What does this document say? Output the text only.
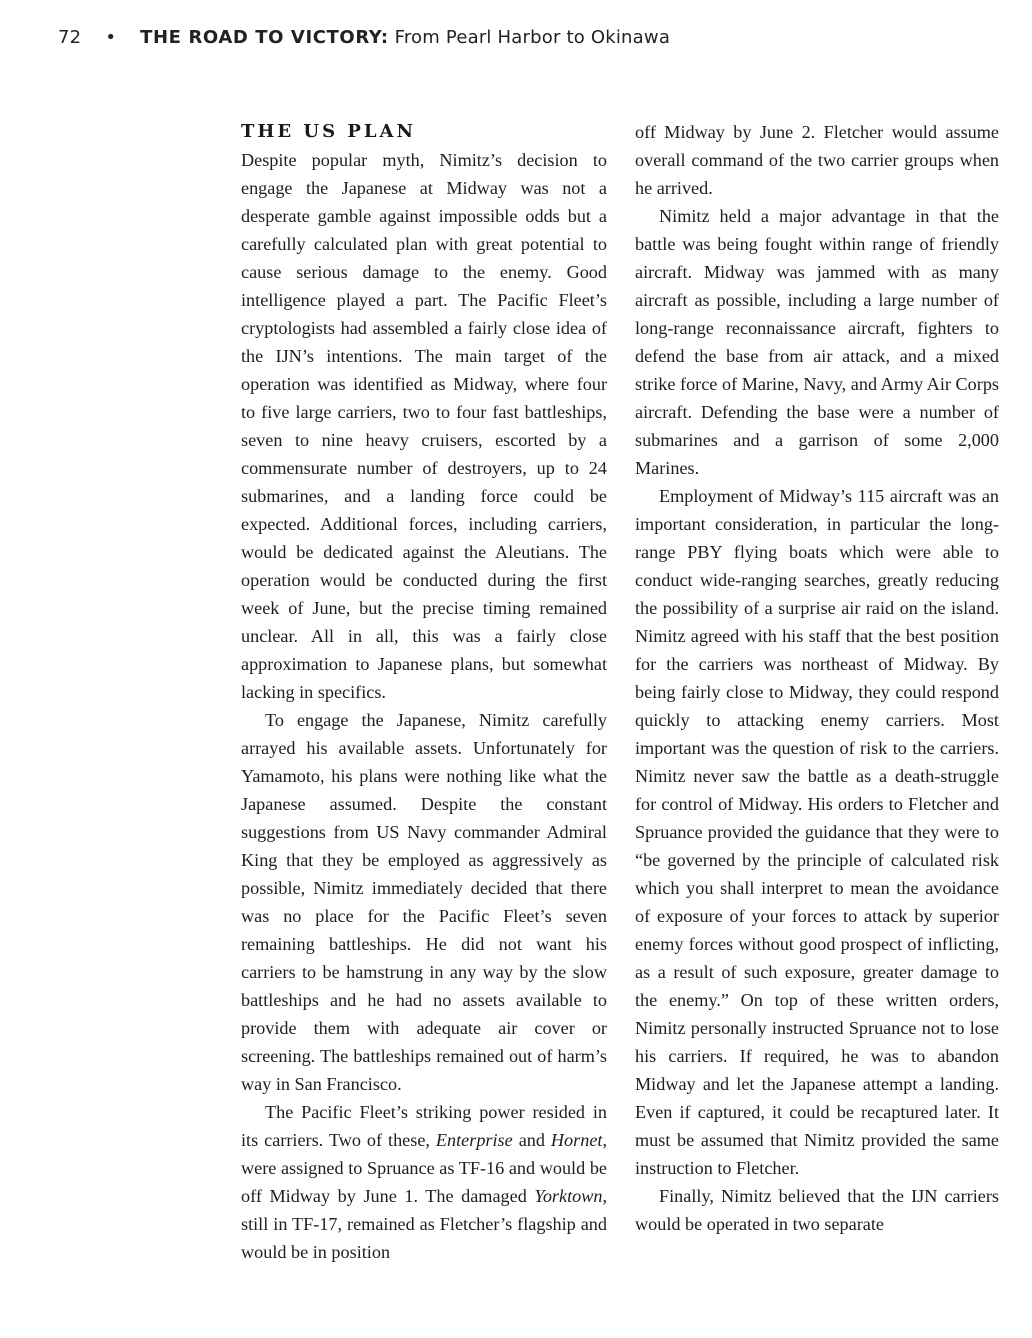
72 • THE ROAD TO VICTORY: From Pearl Harbor to Okinawa
THE US PLAN

Despite popular myth, Nimitz’s decision to engage the Japanese at Midway was not a desperate gamble against impossible odds but a carefully calculated plan with great potential to cause serious damage to the enemy. Good intelligence played a part. The Pacific Fleet’s cryptologists had assembled a fairly close idea of the IJN’s intentions. The main target of the operation was identified as Midway, where four to five large carriers, two to four fast battleships, seven to nine heavy cruisers, escorted by a commensurate number of destroyers, up to 24 submarines, and a landing force could be expected. Additional forces, including carriers, would be dedicated against the Aleutians. The operation would be conducted during the first week of June, but the precise timing remained unclear. All in all, this was a fairly close approximation to Japanese plans, but somewhat lacking in specifics.

To engage the Japanese, Nimitz carefully arrayed his available assets. Unfortunately for Yamamoto, his plans were nothing like what the Japanese assumed. Despite the constant suggestions from US Navy commander Admiral King that they be employed as aggressively as possible, Nimitz immediately decided that there was no place for the Pacific Fleet’s seven remaining battleships. He did not want his carriers to be hamstrung in any way by the slow battleships and he had no assets available to provide them with adequate air cover or screening. The battleships remained out of harm’s way in San Francisco.

The Pacific Fleet’s striking power resided in its carriers. Two of these, Enterprise and Hornet, were assigned to Spruance as TF-16 and would be off Midway by June 1. The damaged Yorktown, still in TF-17, remained as Fletcher’s flagship and would be in position

off Midway by June 2. Fletcher would assume overall command of the two carrier groups when he arrived.

Nimitz held a major advantage in that the battle was being fought within range of friendly aircraft. Midway was jammed with as many aircraft as possible, including a large number of long-range reconnaissance aircraft, fighters to defend the base from air attack, and a mixed strike force of Marine, Navy, and Army Air Corps aircraft. Defending the base were a number of submarines and a garrison of some 2,000 Marines.

Employment of Midway’s 115 aircraft was an important consideration, in particular the long-range PBY flying boats which were able to conduct wide-ranging searches, greatly reducing the possibility of a surprise air raid on the island. Nimitz agreed with his staff that the best position for the carriers was northeast of Midway. By being fairly close to Midway, they could respond quickly to attacking enemy carriers. Most important was the question of risk to the carriers. Nimitz never saw the battle as a death-struggle for control of Midway. His orders to Fletcher and Spruance provided the guidance that they were to “be governed by the principle of calculated risk which you shall interpret to mean the avoidance of exposure of your forces to attack by superior enemy forces without good prospect of inflicting, as a result of such exposure, greater damage to the enemy.” On top of these written orders, Nimitz personally instructed Spruance not to lose his carriers. If required, he was to abandon Midway and let the Japanese attempt a landing. Even if captured, it could be recaptured later. It must be assumed that Nimitz provided the same instruction to Fletcher.

Finally, Nimitz believed that the IJN carriers would be operated in two separate
